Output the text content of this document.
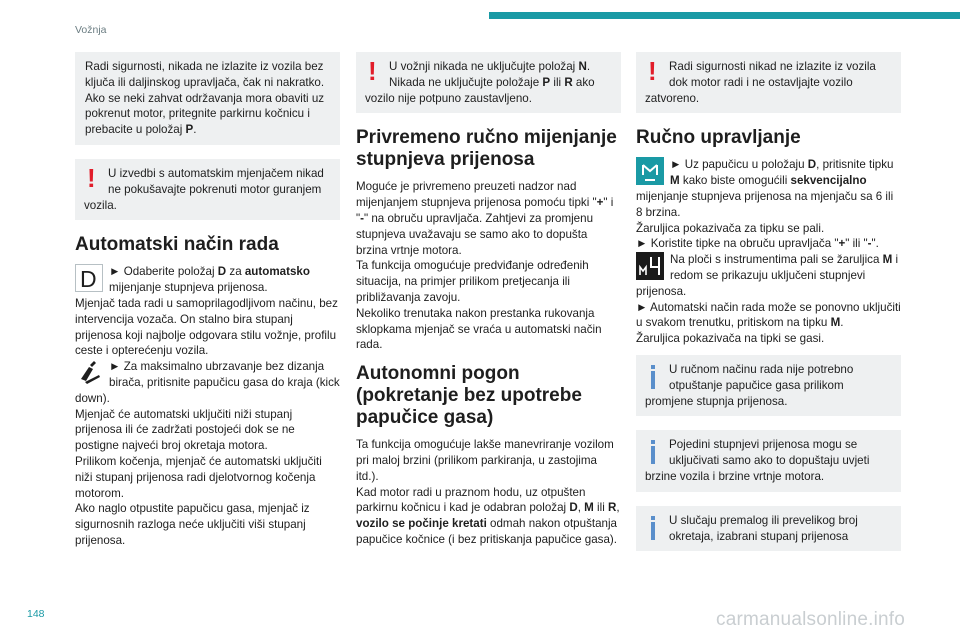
Vožnja

Radi sigurnosti, nikada ne izlazite iz vozila bez ključa ili daljinskog upravljača, čak ni nakratko.

Ako se neki zahvat održavanja mora obaviti uz pokrenut motor, pritegnite parkirnu kočnicu i prebacite u položaj P.

!	U izvedbi s automatskim mjenjačem nikad ne pokušavajte pokrenuti motor guranjem vozila.

Automatski način rada
D	► Odaberite položaj D za automatsko mijenjanje stupnjeva prijenosa.

Mjenjač tada radi u samoprilagodljivom načinu, bez intervencija vozača. On stalno bira stupanj prijenosa koji najbolje odgovara stilu vožnje, profilu ceste i opterećenju vozila.

► Za maksimalno ubrzavanje bez dizanja birača, pritisnite papučicu gasa do kraja (kick down).

Mjenjač će automatski uključiti niži stupanj prijenosa ili će zadržati postojeći dok se ne postigne najveći broj okretaja motora.

Prilikom kočenja, mjenjač će automatski uključiti niži stupanj prijenosa radi djelotvornog kočenja motorom.

Ako naglo otpustite papučicu gasa, mjenjač iz sigurnosnih razloga neće uključiti viši stupanj prijenosa.

!	U vožnji nikada ne uključujte položaj N. Nikada ne uključujte položaje P ili R ako vozilo nije potpuno zaustavljeno.

Privremeno ručno mijenjanje stupnjeva prijenosa

Moguće je privremeno preuzeti nadzor nad mijenjanjem stupnjeva prijenosa pomoću tipki "+" i "-" na obruču upravljača. Zahtjevi za promjenu stupnjeva uvažavaju se samo ako to dopušta brzina vrtnje motora.

Ta funkcija omogućuje predviđanje određenih situacija, na primjer prilikom pretjecanja ili približavanja zavoju.

Nekoliko trenutaka nakon prestanka rukovanja sklopkama mjenjač se vraća u automatski način rada.

Autonomni pogon (pokretanje bez upotrebe papučice gasa)

Ta funkcija omogućuje lakše manevriranje vozilom pri maloj brzini (prilikom parkiranja, u zastojima itd.).

Kad motor radi u praznom hodu, uz otpušten parkirnu kočnicu i kad je odabran položaj D, M ili R, vozilo se počinje kretati odmah nakon otpuštanja papučice kočnice (i bez pritiskanja papučice gasa).

!	Radi sigurnosti nikad ne izlazite iz vozila dok motor radi i ne ostavljajte vozilo zatvoreno.

Ručno upravljanje

► Uz papučicu u položaju D, pritisnite tipku M kako biste omogućili sekvencijalno mijenjanje stupnjeva prijenosa na mjenjaču sa 6 ili 8 brzina.

Žaruljica pokazivača za tipku se pali.

► Koristite tipke na obruču upravljača "+" ili "-".

Na ploči s instrumentima pali se žaruljica M i redom se prikazuju uključeni stupnjevi prijenosa.

► Automatski način rada može se ponovno uključiti u svakom trenutku, pritiskom na tipku M.

Žaruljica pokazivača na tipki se gasi.

U ručnom načinu rada nije potrebno otpuštanje papučice gasa prilikom promjene stupnja prijenosa.

Pojedini stupnjevi prijenosa mogu se uključivati samo ako to dopuštaju uvjeti brzine vozila i brzine vrtnje motora.

U slučaju premalog ili prevelikog broj okretaja, izabrani stupanj prijenosa

148	carmanualsonline.info
